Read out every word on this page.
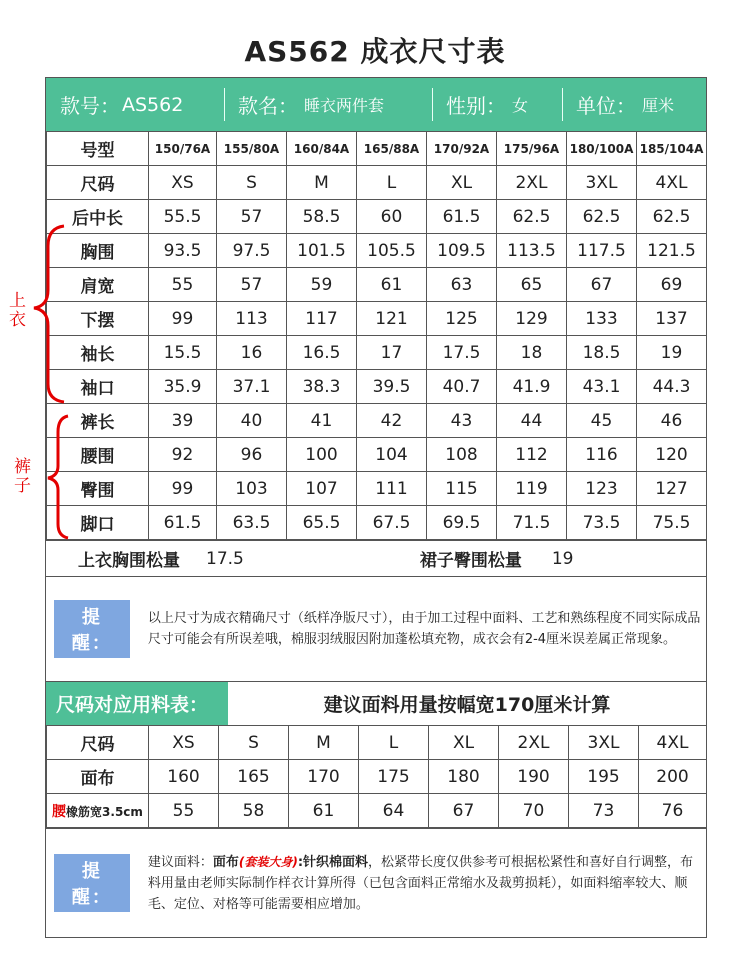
AS562 成衣尺寸表
款号： AS562	款名： 睡衣两件套	性别： 女 单位： 厘米
号型	150/76A	155/80A	160/84A	165/88A	170/92A	175/96A	180/100A	185/104A
尺码	XS	S	M	L	XL	2XL	3XL	4XL
后中长	55.5	57	58.5	60	61.5	62.5	62.5	62.5
胸围	93.5	97.5	101.5	105.5	109.5	113.5	117.5	121.5
肩宽	55	57	59	61	63	65	67	69
下摆	99	113	117	121	125	129	133	137
袖长	15.5	16	16.5	17	17.5	18	18.5	19
袖口	35.9	37.1	38.3	39.5	40.7	41.9	43.1	44.3
裤长	39	40	41	42	43	44	45	46
腰围	92	96	100	104	108	112	116	120
臀围	99	103	107	111	115	119	123	127
脚口	61.5	63.5	65.5	67.5	69.5	71.5	73.5	75.5
上衣胸围松量 17.5	裙子臀围松量 19
提醒：
以上尺寸为成衣精确尺寸（纸样净版尺寸），由于加工过程中面料、工艺和熟练程度不同实际成品尺寸可能会有所误差哦，棉服羽绒服因附加蓬松填充物，成衣会有2-4厘米误差属正常现象。
尺码对应用料表：	建议面料用量按幅宽170厘米计算
尺码	XS	S	M	L	XL	2XL	3XL	4XL
面布	160	165	170	175	180	190	195	200
腰橡筋宽3.5cm	55	58	61	64	67	70	73	76
提醒：
建议面料：面布(套装大身):针织棉面料，松紧带长度仅供参考可根据松紧性和喜好自行调整，布料用量由老师实际制作样衣计算所得（已包含面料正常缩水及裁剪损耗），如面料缩率较大、顺毛、定位、对格等可能需要相应增加。
上衣
裤子
